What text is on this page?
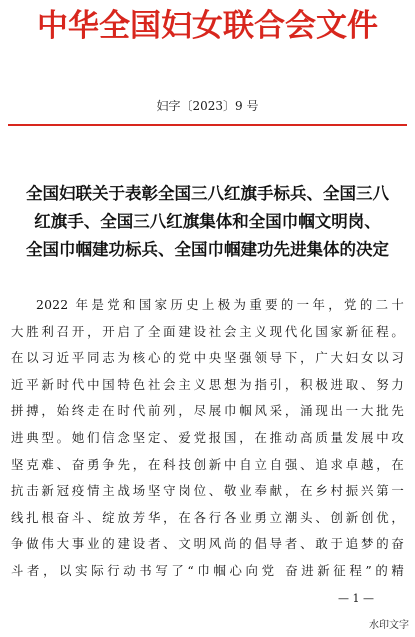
中华全国妇女联合会文件
妇字〔2023〕9 号
全国妇联关于表彰全国三八红旗手标兵、全国三八
红旗手、全国三八红旗集体和全国巾帼文明岗、
全国巾帼建功标兵、全国巾帼建功先进集体的决定
2022 年是党和国家历史上极为重要的一年，党的二十
大胜利召开，开启了全面建设社会主义现代化国家新征程。
在以习近平同志为核心的党中央坚强领导下，广大妇女以习
近平新时代中国特色社会主义思想为指引，积极进取、努力
拼搏，始终走在时代前列，尽展巾帼风采，涌现出一大批先
进典型。她们信念坚定、爱党报国，在推动高质量发展中攻
坚克难、奋勇争先，在科技创新中自立自强、追求卓越，在
抗击新冠疫情主战场坚守岗位、敬业奉献，在乡村振兴第一
线扎根奋斗、绽放芳华，在各行各业勇立潮头、创新创优，
争做伟大事业的建设者、文明风尚的倡导者、敢于追梦的奋
斗者，以实际行动书写了“巾帼心向党 奋进新征程”的精
— 1 —
水印文字
